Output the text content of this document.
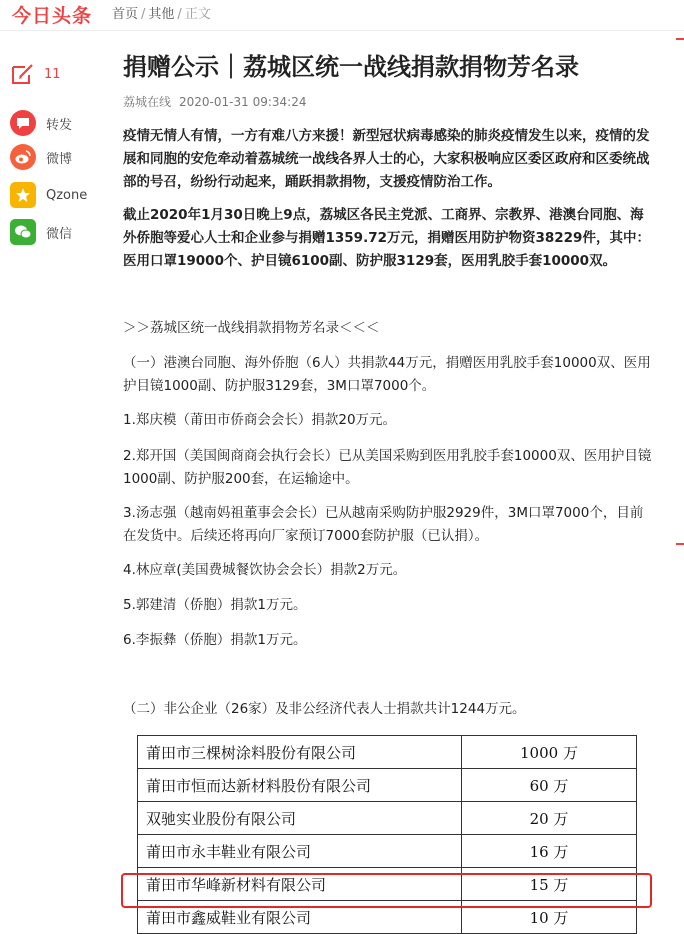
今日头条 首页 / 其他 / 正文
11
转发
微博
Qzone
微信
捐赠公示｜荔城区统一战线捐款捐物芳名录
荔城在线 2020-01-31 09:34:24
疫情无情人有情，一方有难八方来援！新型冠状病毒感染的肺炎疫情发生以来，疫情的发展和同胞的安危牵动着荔城统一战线各界人士的心，大家积极响应区委区政府和区委统战部的号召，纷纷行动起来，踊跃捐款捐物，支援疫情防治工作。
截止2020年1月30日晚上9点，荔城区各民主党派、工商界、宗教界、港澳台同胞、海外侨胞等爱心人士和企业参与捐赠1359.72万元，捐赠医用防护物资38229件，其中：医用口罩19000个、护目镜6100副、防护服3129套，医用乳胶手套10000双。
＞＞荔城区统一战线捐款捐物芳名录＜＜＜
（一）港澳台同胞、海外侨胞（6人）共捐款44万元，捐赠医用乳胶手套10000双、医用护目镜1000副、防护服3129套，3M口罩7000个。
1.郑庆模（莆田市侨商会会长）捐款20万元。
2.郑开国（美国闽商商会执行会长）已从美国采购到医用乳胶手套10000双、医用护目镜1000副、防护服200套，在运输途中。
3.汤志强（越南妈祖董事会会长）已从越南采购防护服2929件，3M口罩7000个，目前在发货中。后续还将再向厂家预订7000套防护服（已认捐）。
4.林应章(美国费城餐饮协会会长）捐款2万元。
5.郭建清（侨胞）捐款1万元。
6.李振彝（侨胞）捐款1万元。
（二）非公企业（26家）及非公经济代表人士捐款共计1244万元。
莆田市三棵树涂料股份有限公司	1000 万
莆田市恒而达新材料股份有限公司	60 万
双驰实业股份有限公司	20 万
莆田市永丰鞋业有限公司	16 万
莆田市华峰新材料有限公司	15 万
莆田市鑫威鞋业有限公司	10 万
